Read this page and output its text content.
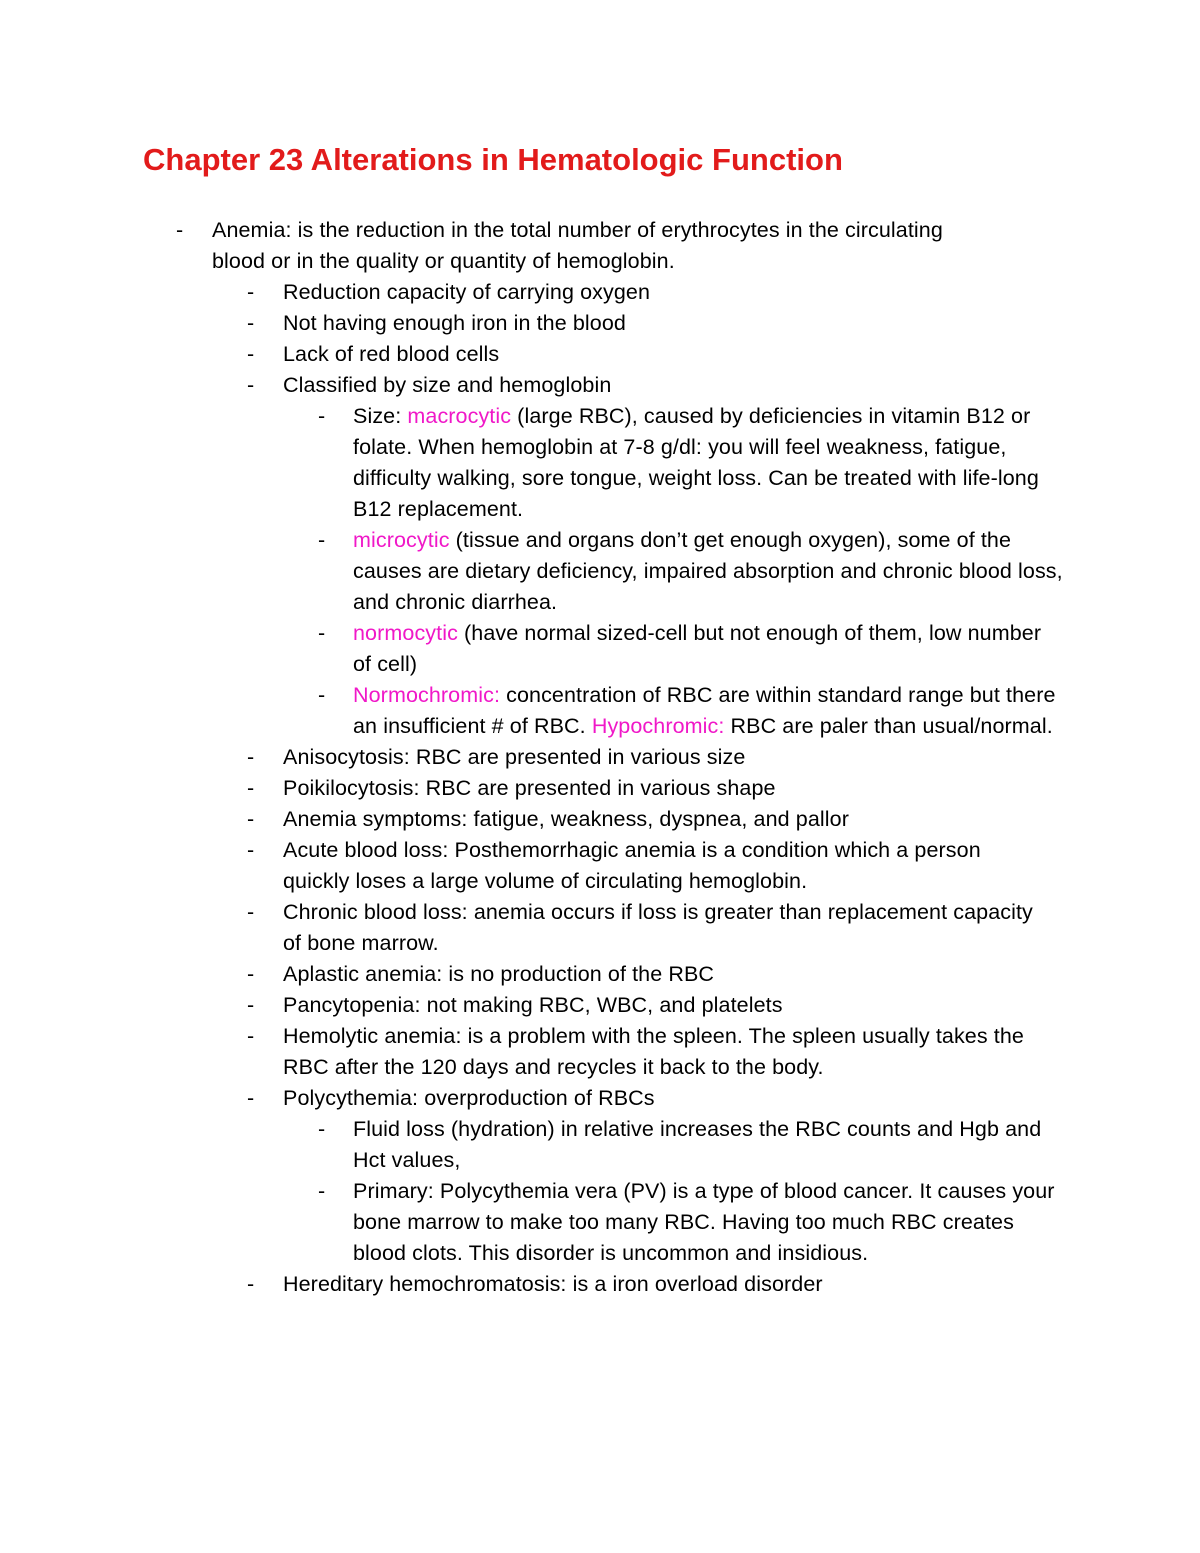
Chapter 23 Alterations in Hematologic Function
- Anemia: is the reduction in the total number of erythrocytes in the circulating blood or in the quality or quantity of hemoglobin.
- Reduction capacity of carrying oxygen
- Not having enough iron in the blood
- Lack of red blood cells
- Classified by size and hemoglobin
- Size: macrocytic (large RBC), caused by deficiencies in vitamin B12 or folate. When hemoglobin at 7-8 g/dl: you will feel weakness, fatigue, difficulty walking, sore tongue, weight loss. Can be treated with life-long B12 replacement.
- microcytic (tissue and organs don’t get enough oxygen), some of the causes are dietary deficiency, impaired absorption and chronic blood loss, and chronic diarrhea.
- normocytic (have normal sized-cell but not enough of them, low number of cell)
- Normochromic: concentration of RBC are within standard range but there an insufficient # of RBC. Hypochromic: RBC are paler than usual/normal.
- Anisocytosis: RBC are presented in various size
- Poikilocytosis: RBC are presented in various shape
- Anemia symptoms: fatigue, weakness, dyspnea, and pallor
- Acute blood loss: Posthemorrhagic anemia is a condition which a person quickly loses a large volume of circulating hemoglobin.
- Chronic blood loss: anemia occurs if loss is greater than replacement capacity of bone marrow.
- Aplastic anemia: is no production of the RBC
- Pancytopenia: not making RBC, WBC, and platelets
- Hemolytic anemia: is a problem with the spleen. The spleen usually takes the RBC after the 120 days and recycles it back to the body.
- Polycythemia: overproduction of RBCs
- Fluid loss (hydration) in relative increases the RBC counts and Hgb and Hct values,
- Primary: Polycythemia vera (PV) is a type of blood cancer. It causes your bone marrow to make too many RBC. Having too much RBC creates blood clots. This disorder is uncommon and insidious.
- Hereditary hemochromatosis: is a iron overload disorder
